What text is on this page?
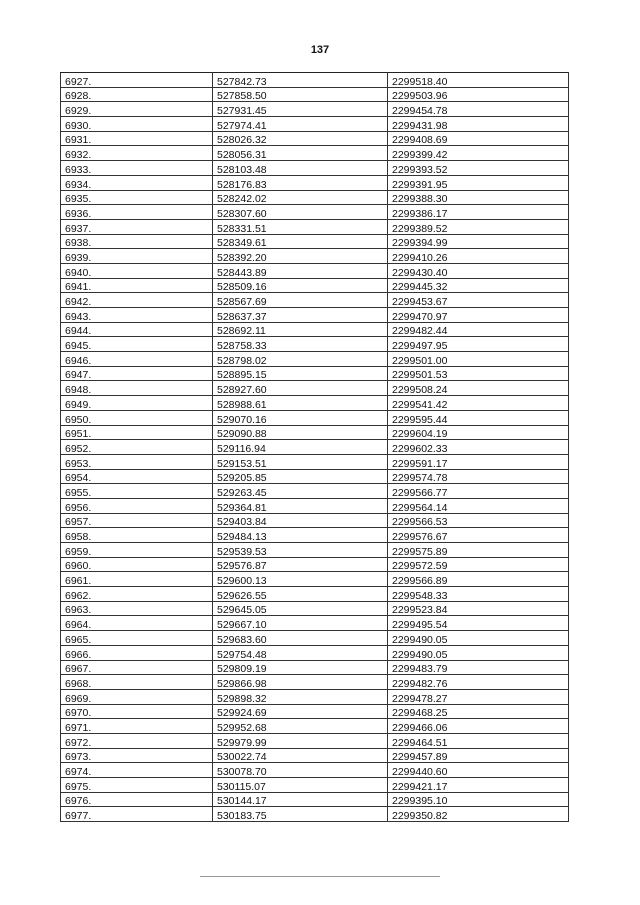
137
6927.	527842.73	2299518.40
6928.	527858.50	2299503.96
6929.	527931.45	2299454.78
6930.	527974.41	2299431.98
6931.	528026.32	2299408.69
6932.	528056.31	2299399.42
6933.	528103.48	2299393.52
6934.	528176.83	2299391.95
6935.	528242.02	2299388.30
6936.	528307.60	2299386.17
6937.	528331.51	2299389.52
6938.	528349.61	2299394.99
6939.	528392.20	2299410.26
6940.	528443.89	2299430.40
6941.	528509.16	2299445.32
6942.	528567.69	2299453.67
6943.	528637.37	2299470.97
6944.	528692.11	2299482.44
6945.	528758.33	2299497.95
6946.	528798.02	2299501.00
6947.	528895.15	2299501.53
6948.	528927.60	2299508.24
6949.	528988.61	2299541.42
6950.	529070.16	2299595.44
6951.	529090.88	2299604.19
6952.	529116.94	2299602.33
6953.	529153.51	2299591.17
6954.	529205.85	2299574.78
6955.	529263.45	2299566.77
6956.	529364.81	2299564.14
6957.	529403.84	2299566.53
6958.	529484.13	2299576.67
6959.	529539.53	2299575.89
6960.	529576.87	2299572.59
6961.	529600.13	2299566.89
6962.	529626.55	2299548.33
6963.	529645.05	2299523.84
6964.	529667.10	2299495.54
6965.	529683.60	2299490.05
6966.	529754.48	2299490.05
6967.	529809.19	2299483.79
6968.	529866.98	2299482.76
6969.	529898.32	2299478.27
6970.	529924.69	2299468.25
6971.	529952.68	2299466.06
6972.	529979.99	2299464.51
6973.	530022.74	2299457.89
6974.	530078.70	2299440.60
6975.	530115.07	2299421.17
6976.	530144.17	2299395.10
6977.	530183.75	2299350.82
